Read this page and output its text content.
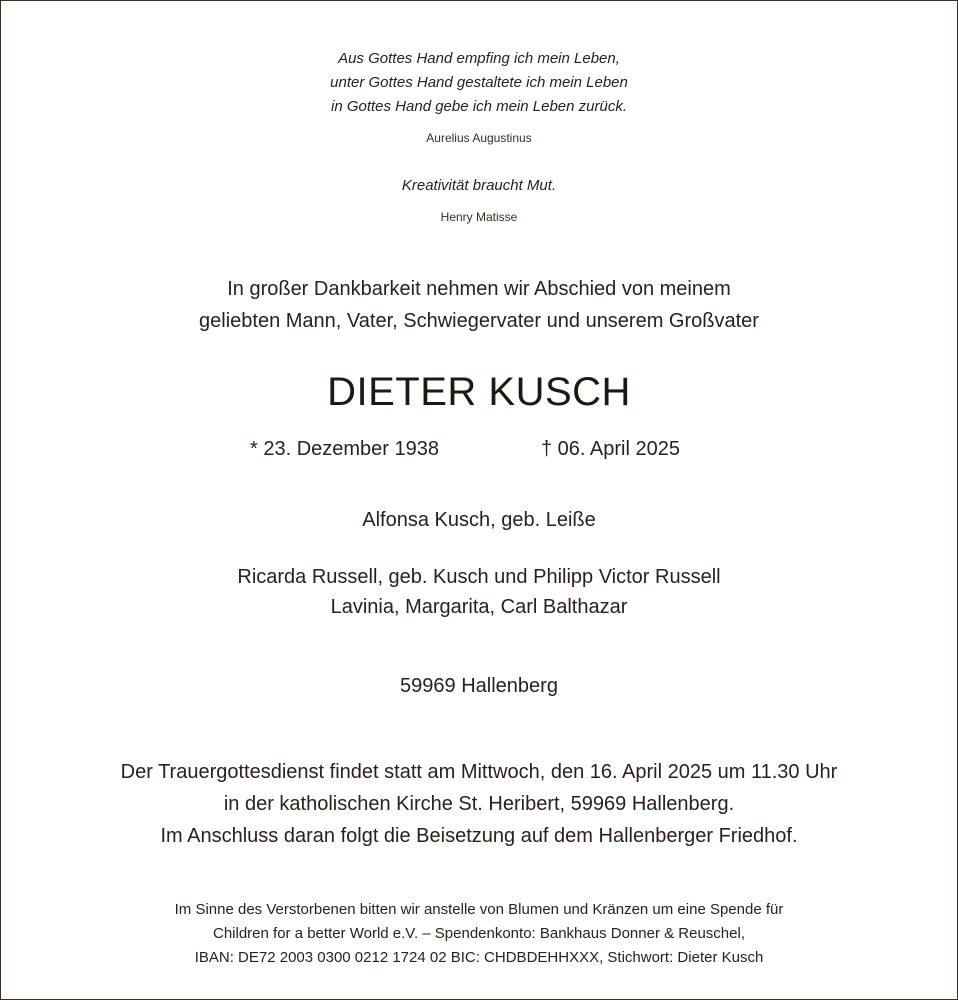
Aus Gottes Hand empfing ich mein Leben,
unter Gottes Hand gestaltete ich mein Leben
in Gottes Hand gebe ich mein Leben zurück.
Aurelius Augustinus
Kreativität braucht Mut.
Henry Matisse
In großer Dankbarkeit nehmen wir Abschied von meinem
geliebten Mann, Vater, Schwiegervater und unserem Großvater
DIETER KUSCH
* 23. Dezember 1938	† 06. April 2025
Alfonsa Kusch, geb. Leiße
Ricarda Russell, geb. Kusch und Philipp Victor Russell
Lavinia, Margarita, Carl Balthazar
59969 Hallenberg
Der Trauergottesdienst findet statt am Mittwoch, den 16. April 2025 um 11.30 Uhr
in der katholischen Kirche St. Heribert, 59969 Hallenberg.
Im Anschluss daran folgt die Beisetzung auf dem Hallenberger Friedhof.
Im Sinne des Verstorbenen bitten wir anstelle von Blumen und Kränzen um eine Spende für
Children for a better World e.V. – Spendenkonto: Bankhaus Donner & Reuschel,
IBAN: DE72 2003 0300 0212 1724 02 BIC: CHDBDEHHXXX, Stichwort: Dieter Kusch
